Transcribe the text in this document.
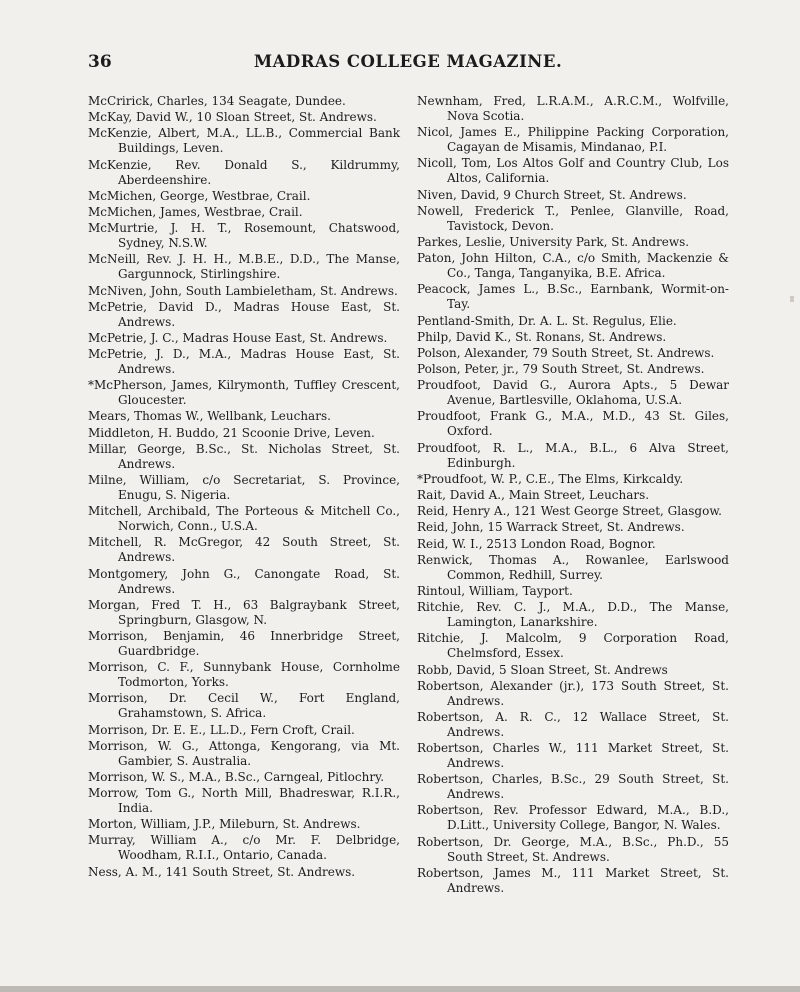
36	MADRAS COLLEGE MAGAZINE.

McCririck, Charles, 134 Seagate, Dundee.

McKay, David W., 10 Sloan Street, St. Andrews.

McKenzie, Albert, M.A., LL.B., Commercial Bank Buildings, Leven.

McKenzie, Rev. Donald S., Kildrummy, Aberdeenshire.

McMichen, George, Westbrae, Crail.

McMichen, James, Westbrae, Crail.

McMurtrie, J. H. T., Rosemount, Chatswood, Sydney, N.S.W.

McNeill, Rev. J. H. H., M.B.E., D.D., The Manse, Gargunnock, Stirlingshire.

McNiven, John, South Lambieletham, St. Andrews.

McPetrie, David D., Madras House East, St. Andrews.

McPetrie, J. C., Madras House East, St. Andrews.

McPetrie, J. D., M.A., Madras House East, St. Andrews.

*McPherson, James, Kilrymonth, Tuffley Crescent, Gloucester.

Mears, Thomas W., Wellbank, Leuchars.

Middleton, H. Buddo, 21 Scoonie Drive, Leven.

Millar, George, B.Sc., St. Nicholas Street, St. Andrews.

Milne, William, c/o Secretariat, S. Province, Enugu, S. Nigeria.

Mitchell, Archibald, The Porteous & Mitchell Co., Norwich, Conn., U.S.A.

Mitchell, R. McGregor, 42 South Street, St. Andrews.

Montgomery, John G., Canongate Road, St. Andrews.

Morgan, Fred T. H., 63 Balgraybank Street, Springburn, Glasgow, N.

Morrison, Benjamin, 46 Innerbridge Street, Guardbridge.

Morrison, C. F., Sunnybank House, Cornholme Todmorton, Yorks.

Morrison, Dr. Cecil W., Fort England, Grahamstown, S. Africa.

Morrison, Dr. E. E., LL.D., Fern Croft, Crail.

Morrison, W. G., Attonga, Kengorang, via Mt. Gambier, S. Australia.

Morrison, W. S., M.A., B.Sc., Carngeal, Pitlochry.

Morrow, Tom G., North Mill, Bhadreswar, R.I.R., India.

Morton, William, J.P., Mileburn, St. Andrews.

Murray, William A., c/o Mr. F. Delbridge, Woodham, R.I.I., Ontario, Canada.

Ness, A. M., 141 South Street, St. Andrews.

Newnham, Fred, L.R.A.M., A.R.C.M., Wolfville, Nova Scotia.

Nicol, James E., Philippine Packing Corporation, Cagayan de Misamis, Mindanao, P.I.

Nicoll, Tom, Los Altos Golf and Country Club, Los Altos, California.

Niven, David, 9 Church Street, St. Andrews.

Nowell, Frederick T., Penlee, Glanville, Road, Tavistock, Devon.

Parkes, Leslie, University Park, St. Andrews.

Paton, John Hilton, C.A., c/o Smith, Mackenzie & Co., Tanga, Tanganyika, B.E. Africa.

Peacock, James L., B.Sc., Earnbank, Wormit-on-Tay.

Pentland-Smith, Dr. A. L. St. Regulus, Elie.

Philp, David K., St. Ronans, St. Andrews.

Polson, Alexander, 79 South Street, St. Andrews.

Polson, Peter, jr., 79 South Street, St. Andrews.

Proudfoot, David G., Aurora Apts., 5 Dewar Avenue, Bartlesville, Oklahoma, U.S.A.

Proudfoot, Frank G., M.A., M.D., 43 St. Giles, Oxford.

Proudfoot, R. L., M.A., B.L., 6 Alva Street, Edinburgh.

*Proudfoot, W. P., C.E., The Elms, Kirkcaldy.

Rait, David A., Main Street, Leuchars.

Reid, Henry A., 121 West George Street, Glasgow.

Reid, John, 15 Warrack Street, St. Andrews.

Reid, W. I., 2513 London Road, Bognor.

Renwick, Thomas A., Rowanlee, Earlswood Common, Redhill, Surrey.

Rintoul, William, Tayport.

Ritchie, Rev. C. J., M.A., D.D., The Manse, Lamington, Lanarkshire.

Ritchie, J. Malcolm, 9 Corporation Road, Chelmsford, Essex.

Robb, David, 5 Sloan Street, St. Andrews

Robertson, Alexander (jr.), 173 South Street, St. Andrews.

Robertson, A. R. C., 12 Wallace Street, St. Andrews.

Robertson, Charles W., 111 Market Street, St. Andrews.

Robertson, Charles, B.Sc., 29 South Street, St. Andrews.

Robertson, Rev. Professor Edward, M.A., B.D., D.Litt., University College, Bangor, N. Wales.

Robertson, Dr. George, M.A., B.Sc., Ph.D., 55 South Street, St. Andrews.

Robertson, James M., 111 Market Street, St. Andrews.
